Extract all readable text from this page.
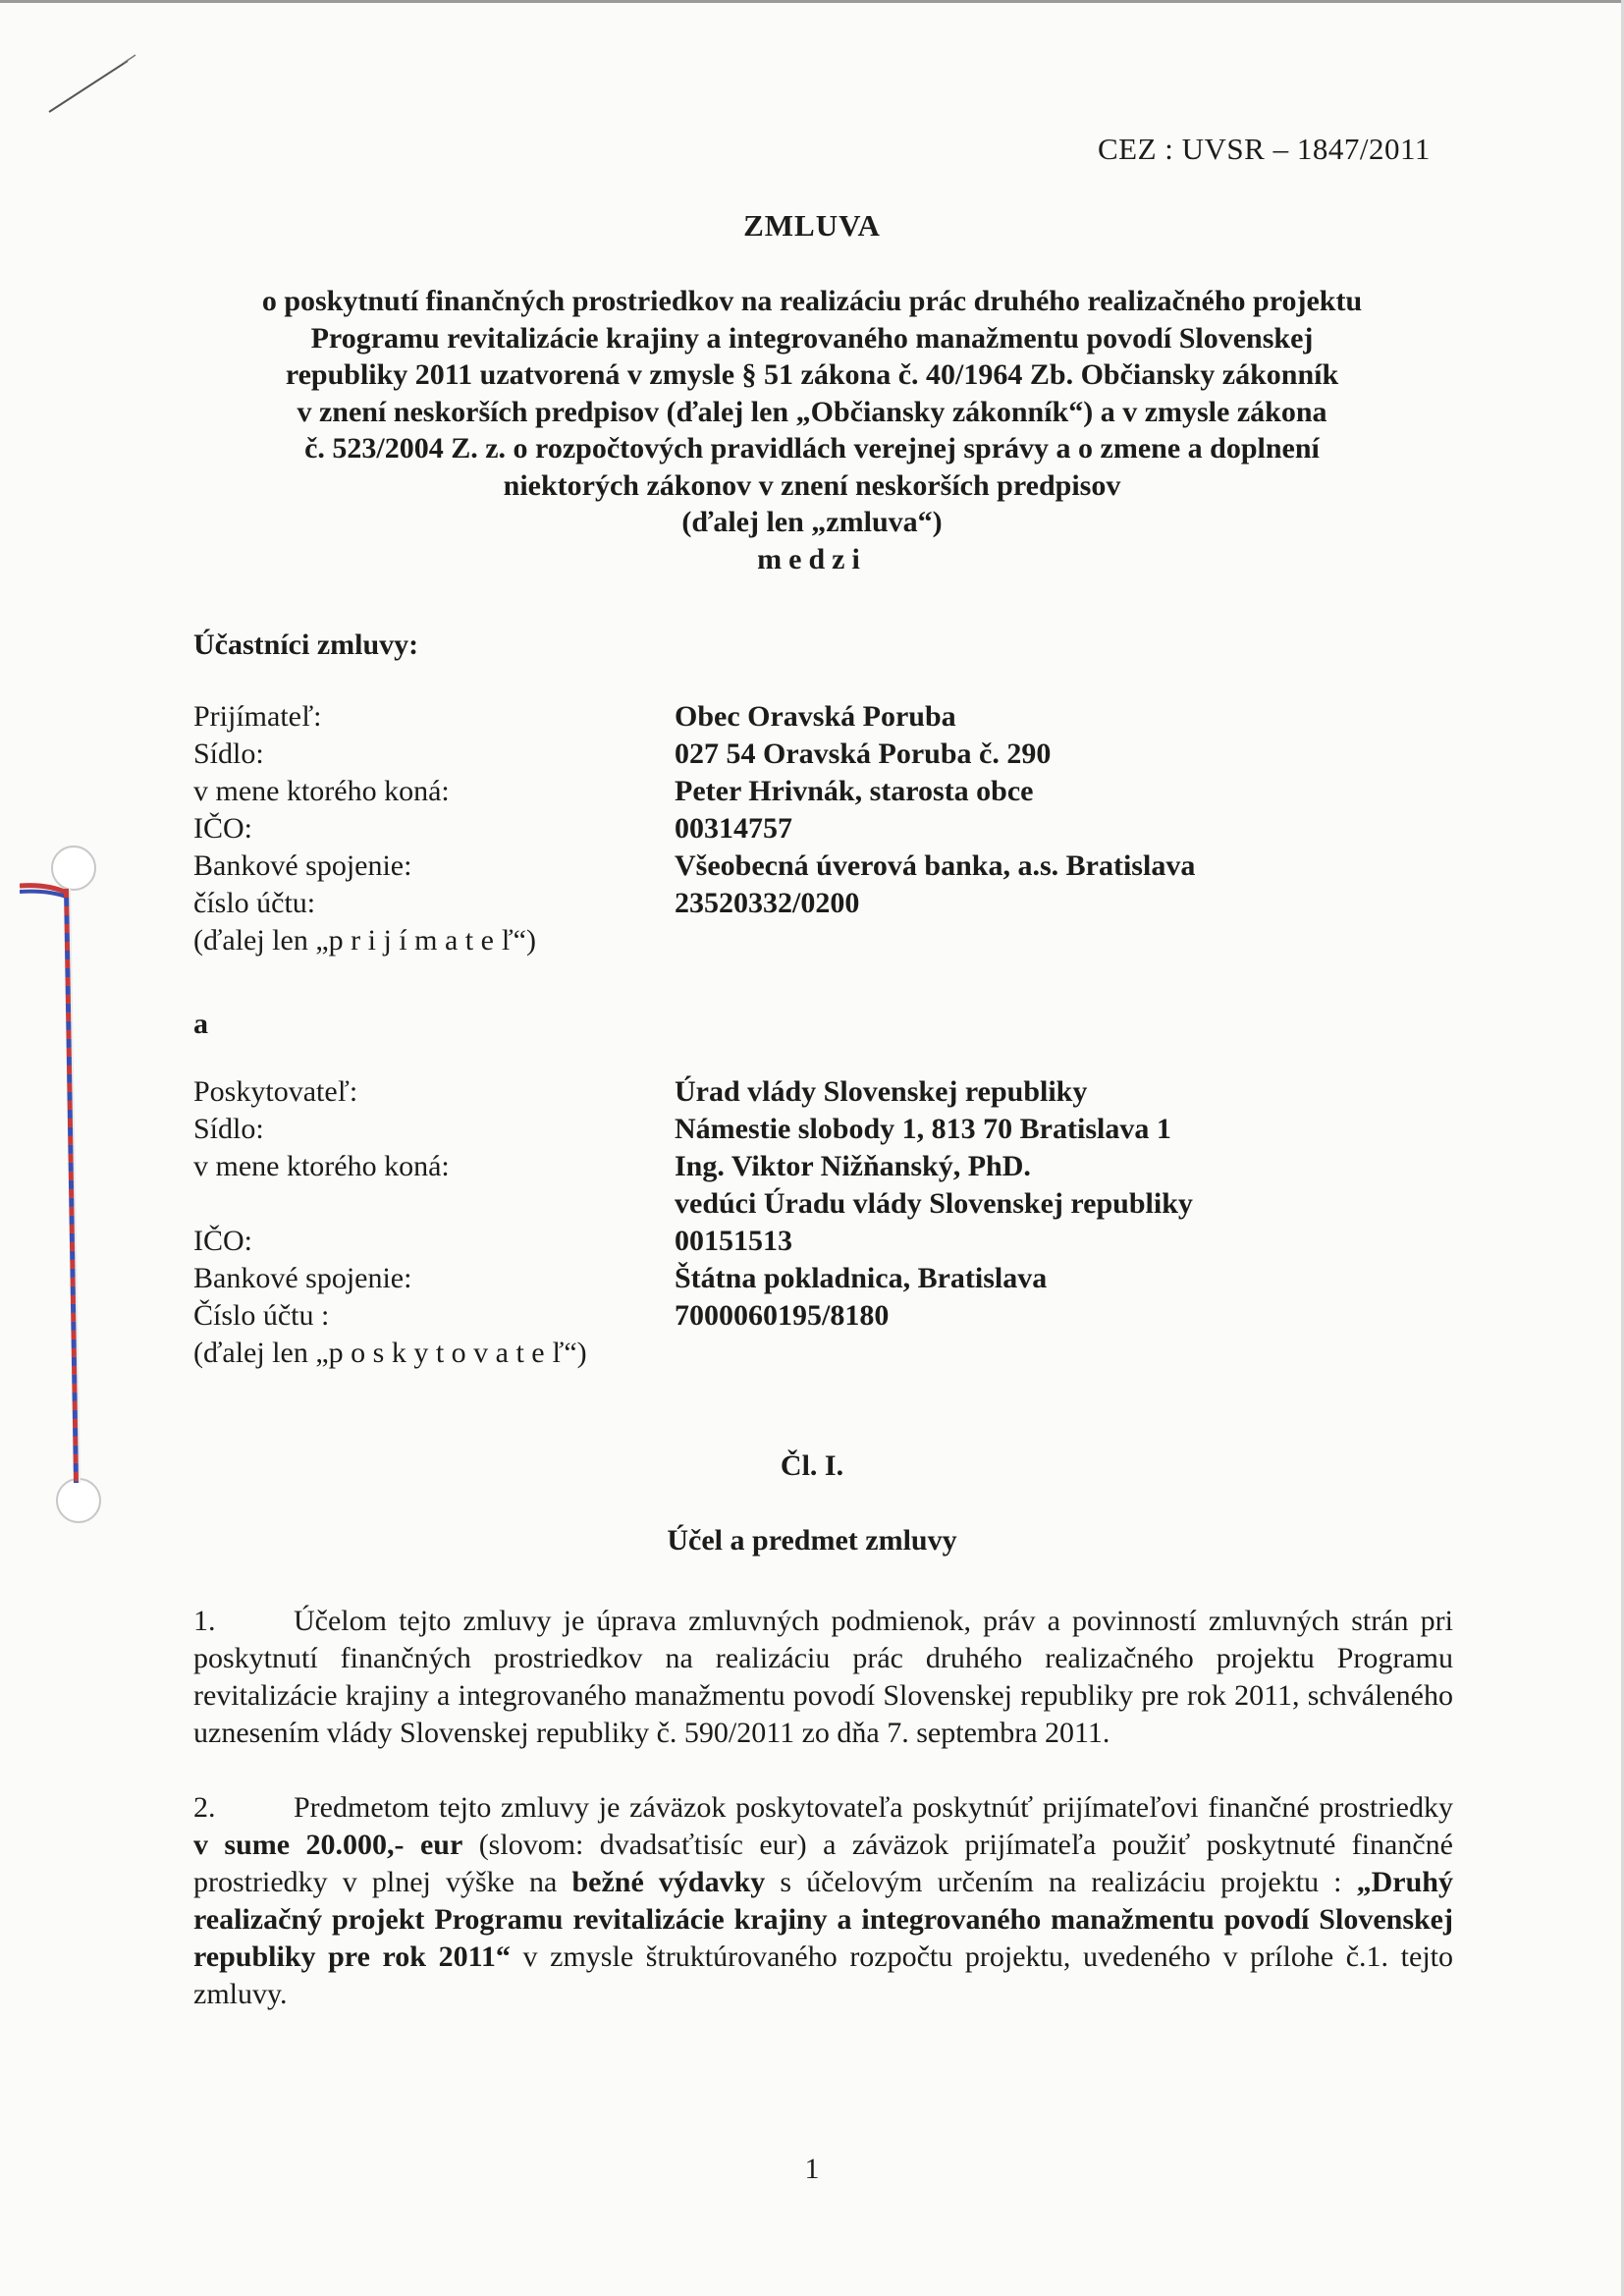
CEZ : UVSR – 1847/2011
ZMLUVA
o poskytnutí finančných prostriedkov na realizáciu prác druhého realizačného projektu
Programu revitalizácie krajiny a integrovaného manažmentu povodí Slovenskej
republiky 2011 uzatvorená v zmysle § 51 zákona č. 40/1964 Zb. Občiansky zákonník
v znení neskorších predpisov (ďalej len „Občiansky zákonník“) a v zmysle zákona
č. 523/2004 Z. z. o rozpočtových pravidlách verejnej správy a o zmene a doplnení
niektorých zákonov v znení neskorších predpisov
(ďalej len „zmluva“)
medzi
Účastníci zmluvy:
Prijímateľ:	Obec Oravská Poruba
Sídlo:	027 54 Oravská Poruba č. 290
v mene ktorého koná:	Peter Hrivnák, starosta obce
IČO:	00314757
Bankové spojenie:	Všeobecná úverová banka, a.s. Bratislava
číslo účtu:	23520332/0200
(ďalej len „p r i j í m a t e ľ“)
a
Poskytovateľ:	Úrad vlády Slovenskej republiky
Sídlo:	Námestie slobody 1, 813 70 Bratislava 1
v mene ktorého koná:	Ing. Viktor Nižňanský, PhD.
vedúci Úradu vlády Slovenskej republiky
IČO:	00151513
Bankové spojenie:	Štátna pokladnica, Bratislava
Číslo účtu :	7000060195/8180
(ďalej len „p o s k y t o v a t e ľ“)
Čl. I.
Účel a predmet zmluvy
1.	Účelom tejto zmluvy je úprava zmluvných podmienok, práv a povinností zmluvných strán pri poskytnutí finančných prostriedkov na realizáciu prác druhého realizačného projektu Programu revitalizácie krajiny a integrovaného manažmentu povodí Slovenskej republiky pre rok 2011, schváleného uznesením vlády Slovenskej republiky č. 590/2011 zo dňa 7. septembra 2011.
2.	Predmetom tejto zmluvy je záväzok poskytovateľa poskytnúť prijímateľovi finančné prostriedky v sume 20.000,- eur (slovom: dvadsaťtisíc eur) a záväzok prijímateľa použiť poskytnuté finančné prostriedky v plnej výške na bežné výdavky s účelovým určením na realizáciu projektu : „Druhý realizačný projekt Programu revitalizácie krajiny a integrovaného manažmentu povodí Slovenskej republiky pre rok 2011“ v zmysle štruktúrovaného rozpočtu projektu, uvedeného v prílohe č.1. tejto zmluvy.
1
